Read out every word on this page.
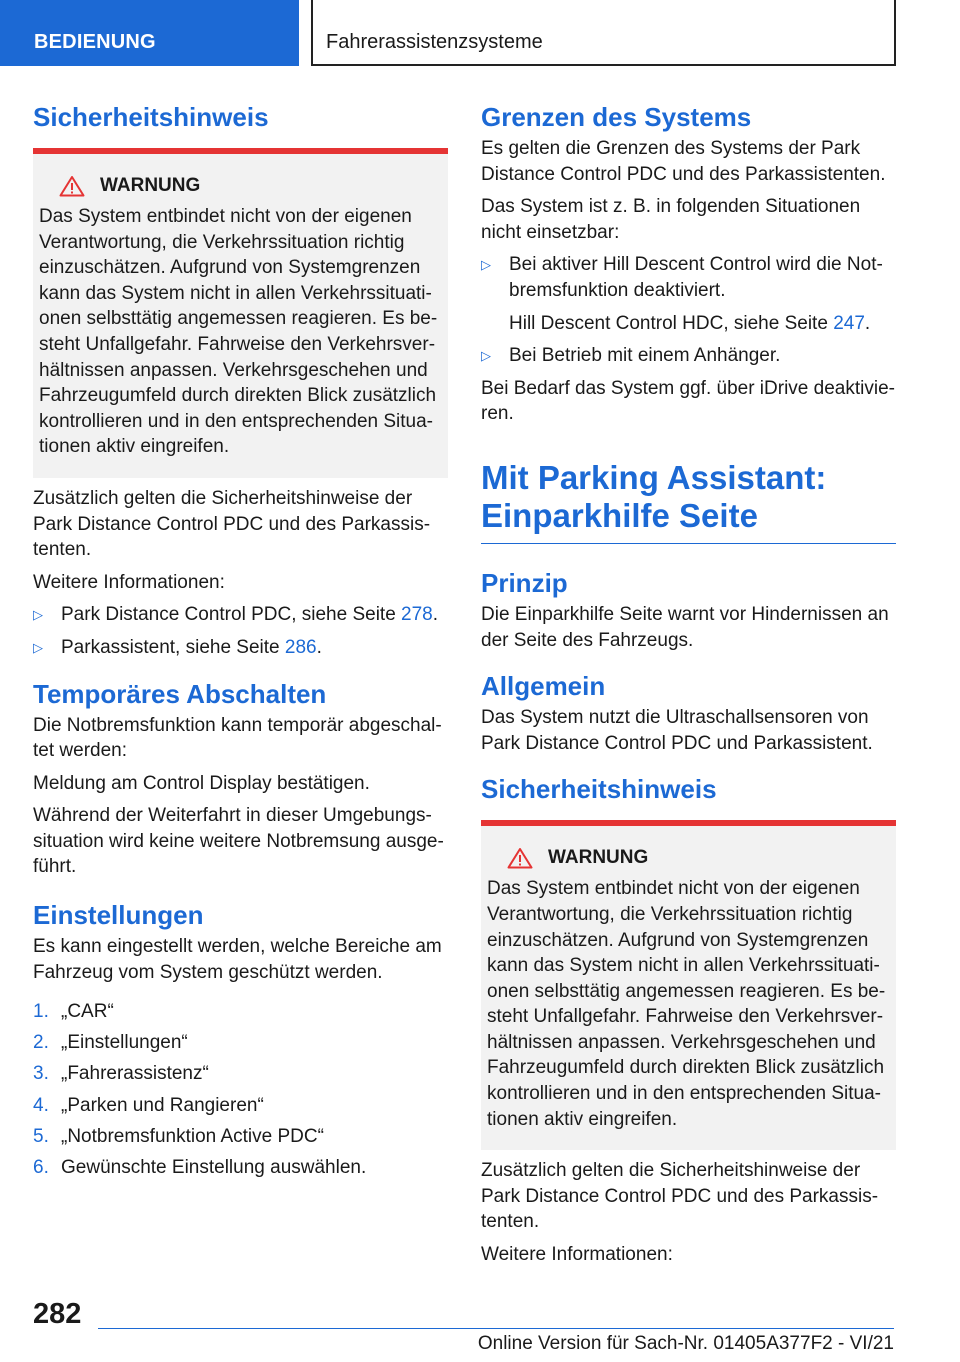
BEDIENUNG	Fahrerassistenzsysteme
Sicherheitshinweis
WARNUNG
Das System entbindet nicht von der eigenen Verantwortung, die Verkehrssituation richtig einzuschätzen. Aufgrund von Systemgrenzen kann das System nicht in allen Verkehrssituationen selbsttätig angemessen reagieren. Es besteht Unfallgefahr. Fahrweise den Verkehrsverhältnissen anpassen. Verkehrsgeschehen und Fahrzeugumfeld durch direkten Blick zusätzlich kontrollieren und in den entsprechenden Situationen aktiv eingreifen.
Zusätzlich gelten die Sicherheitshinweise der Park Distance Control PDC und des Parkassistenten.
Weitere Informationen:
▷ Park Distance Control PDC, siehe Seite 278.
▷ Parkassistent, siehe Seite 286.
Temporäres Abschalten
Die Notbremsfunktion kann temporär abgeschaltet werden:
Meldung am Control Display bestätigen.
Während der Weiterfahrt in dieser Umgebungssituation wird keine weitere Notbremsung ausgeführt.
Einstellungen
Es kann eingestellt werden, welche Bereiche am Fahrzeug vom System geschützt werden.
1. „CAR“
2. „Einstellungen“
3. „Fahrerassistenz“
4. „Parken und Rangieren“
5. „Notbremsfunktion Active PDC“
6. Gewünschte Einstellung auswählen.
Grenzen des Systems
Es gelten die Grenzen des Systems der Park Distance Control PDC und des Parkassistenten.
Das System ist z. B. in folgenden Situationen nicht einsetzbar:
▷ Bei aktiver Hill Descent Control wird die Notbremsfunktion deaktiviert.
Hill Descent Control HDC, siehe Seite 247.
▷ Bei Betrieb mit einem Anhänger.
Bei Bedarf das System ggf. über iDrive deaktivieren.
Mit Parking Assistant: Einparkhilfe Seite
Prinzip
Die Einparkhilfe Seite warnt vor Hindernissen an der Seite des Fahrzeugs.
Allgemein
Das System nutzt die Ultraschallsensoren von Park Distance Control PDC und Parkassistent.
Sicherheitshinweis
WARNUNG
Das System entbindet nicht von der eigenen Verantwortung, die Verkehrssituation richtig einzuschätzen. Aufgrund von Systemgrenzen kann das System nicht in allen Verkehrssituationen selbsttätig angemessen reagieren. Es besteht Unfallgefahr. Fahrweise den Verkehrsverhältnissen anpassen. Verkehrsgeschehen und Fahrzeugumfeld durch direkten Blick zusätzlich kontrollieren und in den entsprechenden Situationen aktiv eingreifen.
Zusätzlich gelten die Sicherheitshinweise der Park Distance Control PDC und des Parkassistenten.
Weitere Informationen:
282
Online Version für Sach-Nr. 01405A377F2 - VI/21
